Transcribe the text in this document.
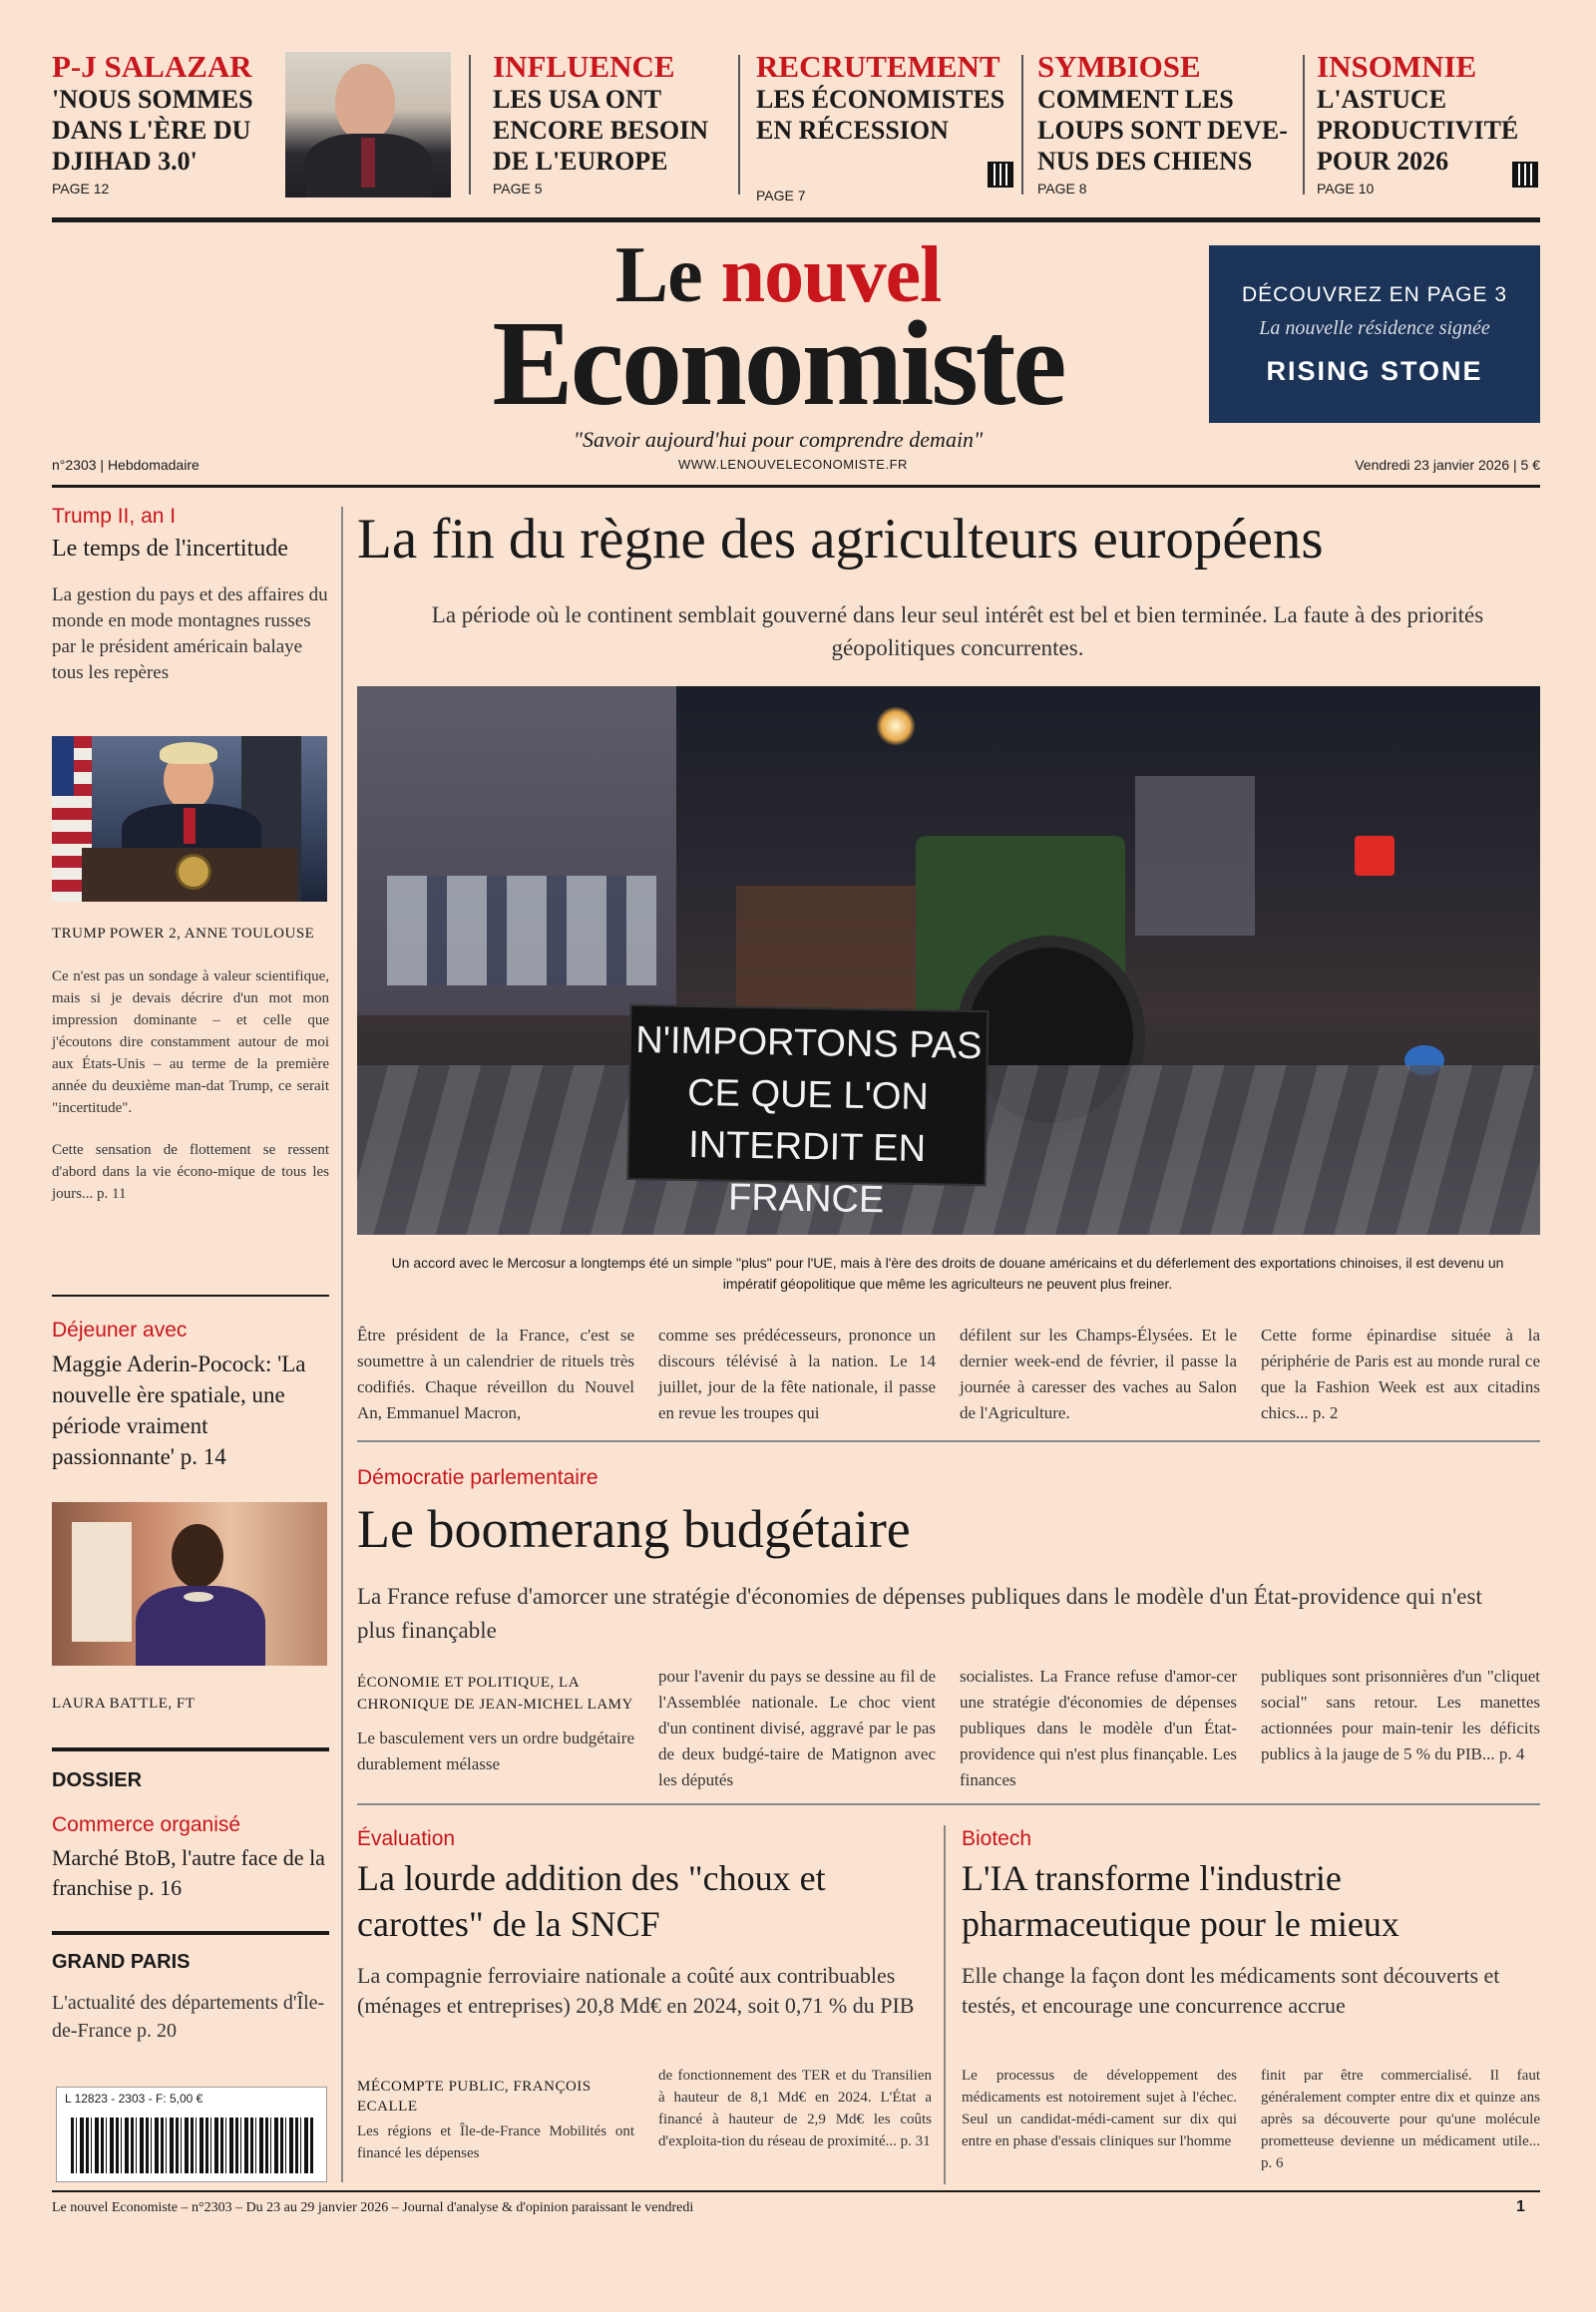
P-J SALAZAR
'NOUS SOMMES DANS L'ÈRE DU DJIHAD 3.0'
PAGE 12
INFLUENCE
LES USA ONT ENCORE BESOIN DE L'EUROPE
PAGE 5
RECRUTEMENT
LES ÉCONOMISTES EN RÉCESSION
PAGE 7
SYMBIOSE
COMMENT LES LOUPS SONT DEVE-NUS DES CHIENS
PAGE 8
INSOMNIE
L'ASTUCE PRODUCTIVITÉ POUR 2026
PAGE 10
Le nouvel
Economiste
"Savoir aujourd'hui pour comprendre demain"
DÉCOUVREZ EN PAGE 3
La nouvelle résidence signée
RISING STONE
n°2303 | Hebdomadaire	WWW.LENOUVELECONOMISTE.FR	Vendredi 23 janvier 2026 | 5 €
Trump II, an I
Le temps de l'incertitude
La gestion du pays et des affaires du monde en mode montagnes russes par le président américain balaye tous les repères
TRUMP POWER 2, ANNE TOULOUSE
Ce n'est pas un sondage à valeur scientifique, mais si je devais décrire d'un mot mon impression dominante – et celle que j'écoutons dire constamment autour de moi aux États-Unis – au terme de la première année du deuxième man-dat Trump, ce serait "incertitude".
Cette sensation de flottement se ressent d'abord dans la vie écono-mique de tous les jours... p. 11
Déjeuner avec
Maggie Aderin-Pocock: 'La nouvelle ère spatiale, une période vraiment passionnante' p. 14
LAURA BATTLE, FT
DOSSIER
Commerce organisé
Marché BtoB, l'autre face de la franchise p. 16
GRAND PARIS
L'actualité des départements d'Île-de-France p. 20
L 12823 - 2303 - F: 5,00 €
La fin du règne des agriculteurs européens
La période où le continent semblait gouverné dans leur seul intérêt est bel et bien terminée. La faute à des priorités géopolitiques concurrentes.
N'IMPORTONS PAS
CE QUE L'ON
INTERDIT EN FRANCE
Un accord avec le Mercosur a longtemps été un simple "plus" pour l'UE, mais à l'ère des droits de douane américains et du déferlement des exportations chinoises, il est devenu un impératif géopolitique que même les agriculteurs ne peuvent plus freiner.
Être président de la France, c'est se soumettre à un calendrier de rituels très codifiés. Chaque réveillon du Nouvel An, Emmanuel Macron,
comme ses prédécesseurs, prononce un discours télévisé à la nation. Le 14 juillet, jour de la fête nationale, il passe en revue les troupes qui
défilent sur les Champs-Élysées. Et le dernier week-end de février, il passe la journée à caresser des vaches au Salon de l'Agriculture.
Cette forme épinardise située à la périphérie de Paris est au monde rural ce que la Fashion Week est aux citadins chics... p. 2
Démocratie parlementaire
Le boomerang budgétaire
La France refuse d'amorcer une stratégie d'économies de dépenses publiques dans le modèle d'un État-providence qui n'est plus finançable
ÉCONOMIE ET POLITIQUE, LA CHRONIQUE DE JEAN-MICHEL LAMY
Le basculement vers un ordre budgétaire durablement mélasse
pour l'avenir du pays se dessine au fil de l'Assemblée nationale. Le choc vient d'un continent divisé, aggravé par le pas de deux budgé-taire de Matignon avec les députés
socialistes. La France refuse d'amor-cer une stratégie d'économies de dépenses publiques dans le modèle d'un État-providence qui n'est plus finançable. Les finances
publiques sont prisonnières d'un "cliquet social" sans retour. Les manettes actionnées pour main-tenir les déficits publics à la jauge de 5 % du PIB... p. 4
Évaluation
La lourde addition des "choux et carottes" de la SNCF
La compagnie ferroviaire nationale a coûté aux contribuables (ménages et entreprises) 20,8 Md€ en 2024, soit 0,71 % du PIB
MÉCOMPTE PUBLIC, FRANÇOIS ECALLE
Les régions et Île-de-France Mobilités ont financé les dépenses
de fonctionnement des TER et du Transilien à hauteur de 8,1 Md€ en 2024. L'État a financé à hauteur de 2,9 Md€ les coûts d'exploita-tion du réseau de proximité... p. 31
Biotech
L'IA transforme l'industrie pharmaceutique pour le mieux
Elle change la façon dont les médicaments sont découverts et testés, et encourage une concurrence accrue
Le processus de développement des médicaments est notoirement sujet à l'échec. Seul un candidat-médi-cament sur dix qui entre en phase d'essais cliniques sur l'homme
finit par être commercialisé. Il faut généralement compter entre dix et quinze ans après sa découverte pour qu'une molécule prometteuse devienne un médicament utile... p. 6
Le nouvel Economiste – n°2303 – Du 23 au 29 janvier 2026 – Journal d'analyse & d'opinion paraissant le vendredi	1
